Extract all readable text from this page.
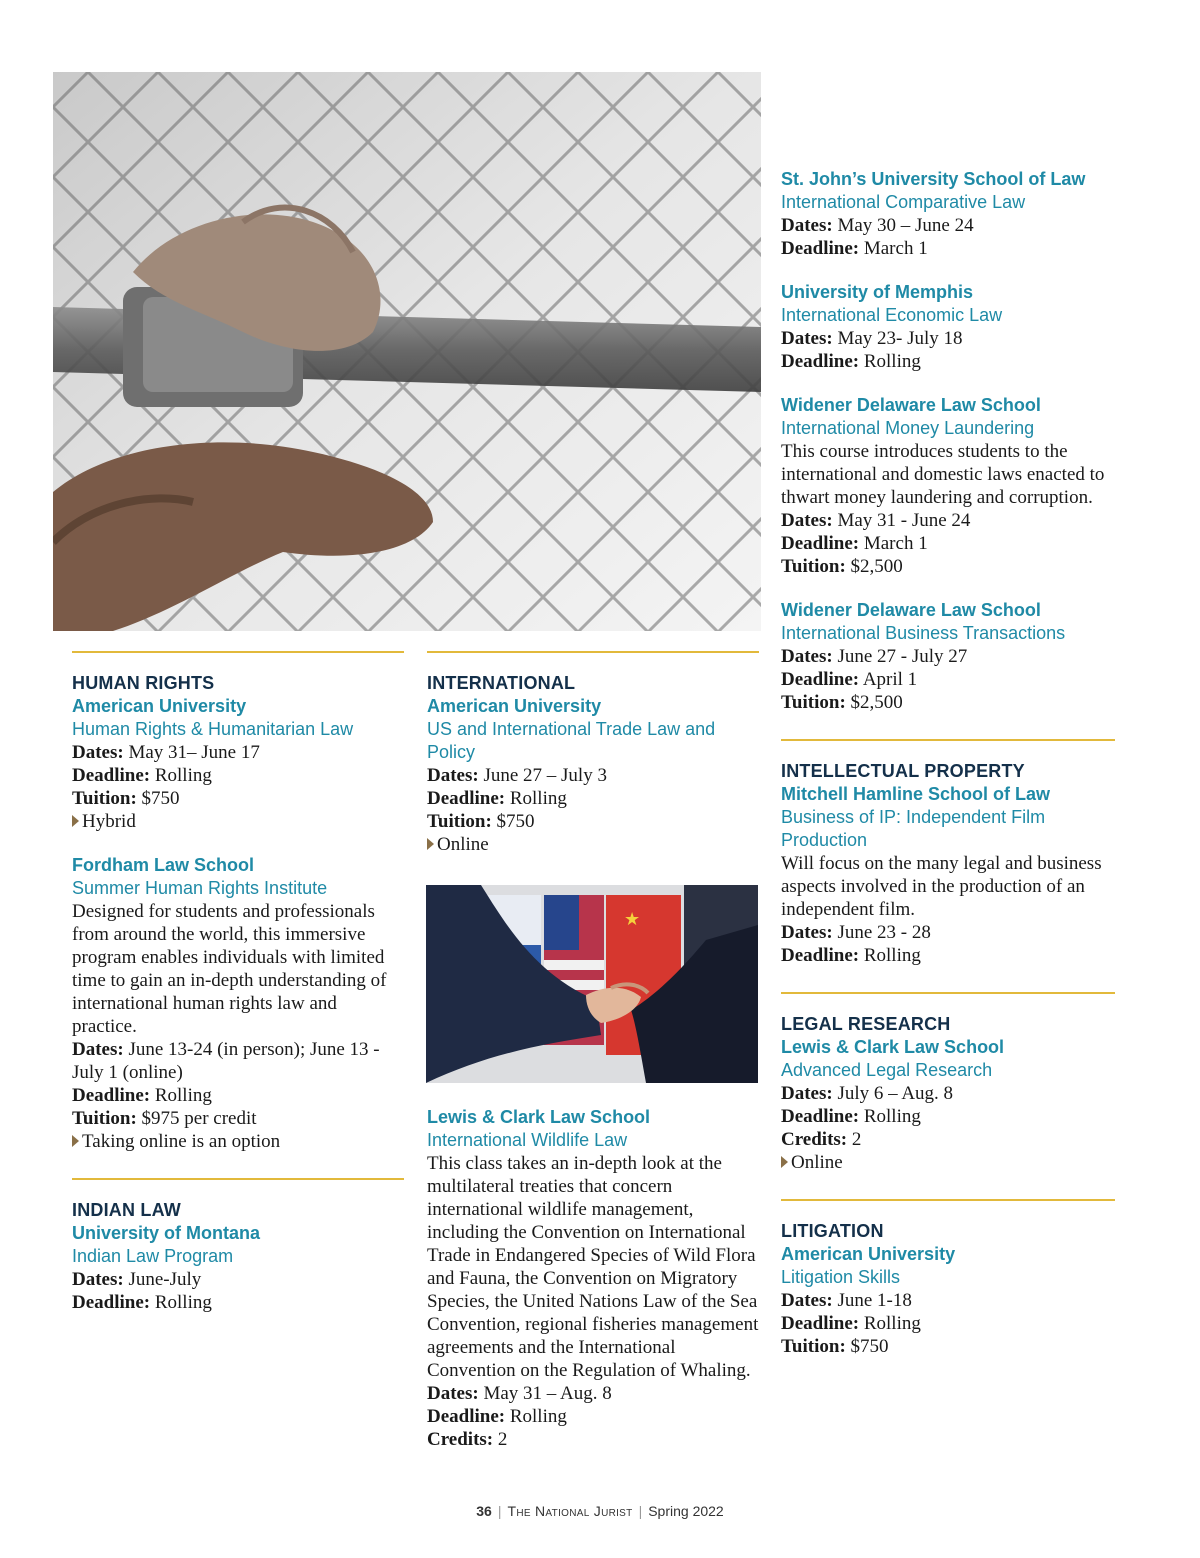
HUMAN RIGHTS
American University
Human Rights & Humanitarian Law
Dates: May 31– June 17
Deadline: Rolling
Tuition: $750
Hybrid
Fordham Law School
Summer Human Rights Institute
Designed for students and professionals from around the world, this immersive program enables individuals with limited time to gain an in-depth understanding of international human rights law and practice.
Dates: June 13-24 (in person); June 13 - July 1 (online)
Deadline: Rolling
Tuition: $975 per credit
Taking online is an option
INDIAN LAW
University of Montana
Indian Law Program
Dates: June-July
Deadline: Rolling
INTERNATIONAL
American University
US and International Trade Law and Policy
Dates: June 27 – July 3
Deadline: Rolling
Tuition: $750
Online
★
Lewis & Clark Law School
International Wildlife Law
This class takes an in-depth look at the multilateral treaties that concern international wildlife management, including the Convention on International Trade in Endangered Species of Wild Flora and Fauna, the Convention on Migratory Species, the United Nations Law of the Sea Convention, regional fisheries management agreements and the International Convention on the Regulation of Whaling.
Dates: May 31 – Aug. 8
Deadline: Rolling
Credits: 2
St. John’s University School of Law
International Comparative Law
Dates: May 30 – June 24
Deadline: March 1
University of Memphis
International Economic Law
Dates: May 23- July 18
Deadline: Rolling
Widener Delaware Law School
International Money Laundering
This course introduces students to the international and domestic laws enacted to thwart money laundering and corruption.
Dates: May 31 - June 24
Deadline: March 1
Tuition: $2,500
Widener Delaware Law School
International Business Transactions
Dates: June 27 - July 27
Deadline: April 1
Tuition: $2,500
INTELLECTUAL PROPERTY
Mitchell Hamline School of Law
Business of IP: Independent Film Production
Will focus on the many legal and business aspects involved in the production of an independent film.
Dates: June 23 - 28
Deadline: Rolling
LEGAL RESEARCH
Lewis & Clark Law School
Advanced Legal Research
Dates: July 6 – Aug. 8
Deadline: Rolling
Credits: 2
Online
LITIGATION
American University
Litigation Skills
Dates: June 1-18
Deadline: Rolling
Tuition: $750
36 | The National Jurist | Spring 2022
